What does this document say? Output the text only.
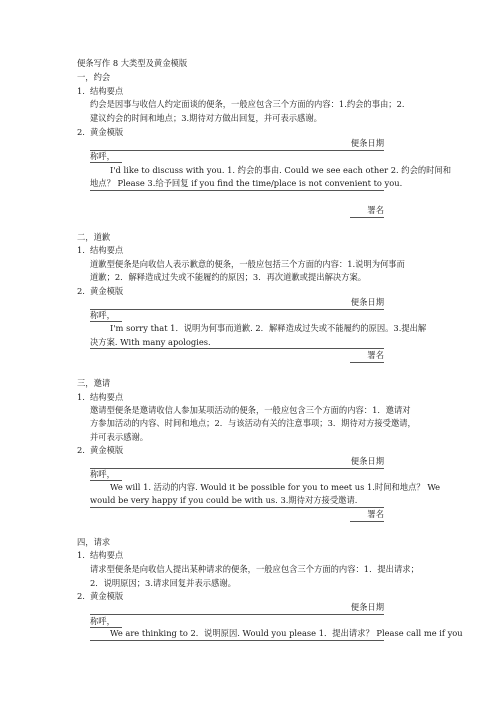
便条写作 8 大类型及黄金模版
一，约会
1. 结构要点
约会是因事与收信人约定面谈的便条，一般应包含三个方面的内容：1.约会的事由；2.
建议约会的时间和地点；3.期待对方做出回复，并可表示感谢。
2. 黄金模版
便条日期
称呼，
I'd like to discuss with you. 1. 约会的事由. Could we see each other 2. 约会的时间和
地点？ Please 3.给予回复 if you find the time/place is not convenient to you.
署名
二，道歉
1. 结构要点
道歉型便条是向收信人表示歉意的便条，一般应包括三个方面的内容：1.说明为何事而
道歉；2．解释造成过失或不能履约的原因；3．再次道歉或提出解决方案。
2. 黄金模版
便条日期
称呼，
I'm sorry that 1．说明为何事而道歉. 2．解释造成过失或不能履约的原因。3.提出解
决方案. With many apologies.
署名
三，邀请
1. 结构要点
邀请型便条是邀请收信人参加某项活动的便条，一般应包含三个方面的内容：1．邀请对
方参加活动的内容、时间和地点；2．与该活动有关的注意事项；3．期待对方接受邀请，
并可表示感谢。
2. 黄金模版
便条日期
称呼，
We will 1. 活动的内容. Would it be possible for you to meet us 1.时间和地点？ We
would be very happy if you could be with us. 3.期待对方接受邀请.
署名
四，请求
1. 结构要点
请求型便条是向收信人提出某种请求的便条，一般应包含三个方面的内容：1．提出请求；
2．说明原因；3.请求回复并表示感谢。
2. 黄金模版
便条日期
称呼，
We are thinking to 2．说明原因. Would you please 1．提出请求？ Please call me if you
